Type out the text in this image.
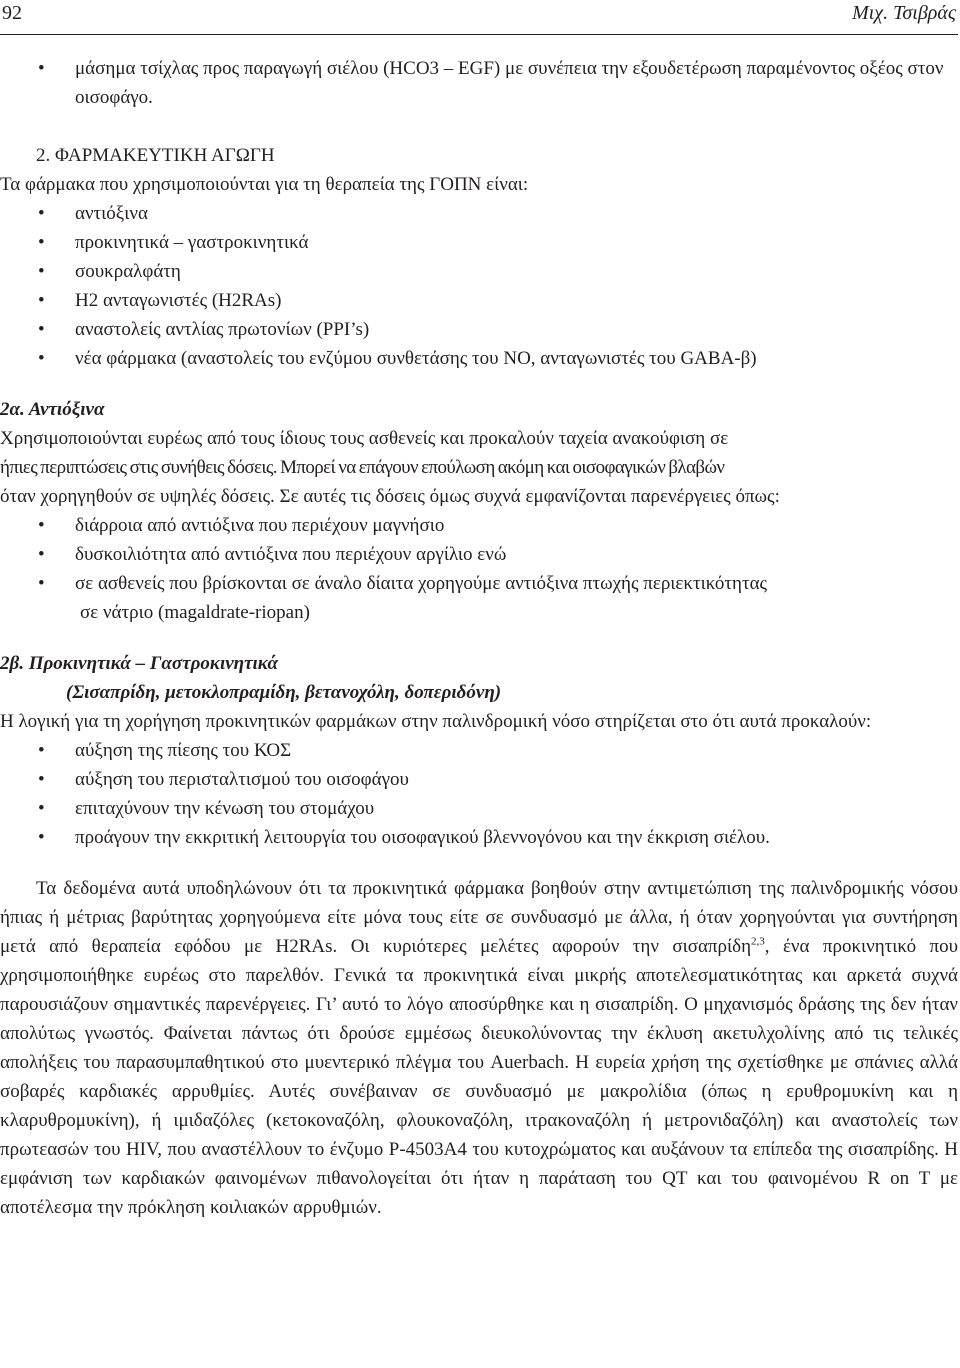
92	Μιχ. Τσιβράς
• μάσημα τσίχλας προς παραγωγή σιέλου (HCO3 – EGF) με συνέπεια την εξουδετέρωση παραμένοντος οξέος στον οισοφάγο.
2. ΦΑΡΜΑΚΕΥΤΙΚΗ ΑΓΩΓΗ

Τα φάρμακα που χρησιμοποιούνται για τη θεραπεία της ΓΟΠΝ είναι:

• αντιόξινα
• προκινητικά – γαστροκινητικά
• σουκραλφάτη
• H2 ανταγωνιστές (H2RAs)
• αναστολείς αντλίας πρωτονίων (PPI’s)
• νέα φάρμακα (αναστολείς του ενζύμου συνθετάσης του NO, ανταγωνιστές του GABA-β)
2α. Αντιόξινα

Χρησιμοποιούνται ευρέως από τους ίδιους τους ασθενείς και προκαλούν ταχεία ανακούφιση σε

ήπιες περιπτώσεις στις συνήθεις δόσεις. Μπορεί να επάγουν επούλωση ακόμη και οισοφαγικών βλαβών

όταν χορηγηθούν σε υψηλές δόσεις. Σε αυτές τις δόσεις όμως συχνά εμφανίζονται παρενέργειες όπως:

• διάρροια από αντιόξινα που περιέχουν μαγνήσιο
• δυσκοιλιότητα από αντιόξινα που περιέχουν αργίλιο ενώ
• σε ασθενείς που βρίσκονται σε άναλο δίαιτα χορηγούμε αντιόξινα πτωχής περιεκτικότητας

σε νάτριο (magaldrate-riopan)

2β. Προκινητικά – Γαστροκινητικά
(Σισαπρίδη, μετοκλοπραμίδη, βετανοχόλη, δοπεριδόνη)

Η λογική για τη χορήγηση προκινητικών φαρμάκων στην παλινδρομική νόσο στηρίζεται στο ότι αυτά προκαλούν:

• αύξηση της πίεσης του ΚΟΣ
• αύξηση του περισταλτισμού του οισοφάγου
• επιταχύνουν την κένωση του στομάχου
• προάγουν την εκκριτική λειτουργία του οισοφαγικού βλεννογόνου και την έκκριση σιέλου.

Τα δεδομένα αυτά υποδηλώνουν ότι τα προκινητικά φάρμακα βοηθούν στην αντιμετώπιση της παλινδρομικής νόσου ήπιας ή μέτριας βαρύτητας χορηγούμενα είτε μόνα τους είτε σε συνδυασμό με άλλα, ή όταν χορηγούνται για συντήρηση μετά από θεραπεία εφόδου με H2RAs. Οι κυριότερες μελέτες αφορούν την σισαπρίδη$^{2,3}$, ένα προκινητικό που χρησιμοποιήθηκε ευρέως στο παρελθόν. Γενικά τα προκινητικά είναι μικρής αποτελεσματικότητας και αρκετά συχνά παρουσιάζουν σημαντικές παρενέργειες. Γι’ αυτό το λόγο αποσύρθηκε και η σισαπρίδη. Ο μηχανισμός δράσης της δεν ήταν απολύτως γνωστός. Φαίνεται πάντως ότι δρούσε εμμέσως διευκολύνοντας την έκλυση ακετυλχολίνης από τις τελικές απολήξεις του παρασυμπαθητικού στο μυεντερικό πλέγμα του Auerbach. Η ευρεία χρήση της σχετίσθηκε με σπάνιες αλλά σοβαρές καρδιακές αρρυθμίες. Αυτές συνέβαιναν σε συνδυασμό με μακρολίδια (όπως η ερυθρομυκίνη και η κλαρυθρομυκίνη), ή ιμιδαζόλες (κετοκοναζόλη, φλουκοναζόλη, ιτρακοναζόλη ή μετρονιδαζόλη) και αναστολείς των πρωτεασών του HIV, που αναστέλλουν το ένζυμο P-4503A4 του κυτοχρώματος και αυξάνουν τα επίπεδα της σισαπρίδης. Η εμφάνιση των καρδιακών φαινομένων πιθανολογείται ότι ήταν η παράταση του QT και του φαινομένου R on T με αποτέλεσμα την πρόκληση κοιλιακών αρρυθμιών.
